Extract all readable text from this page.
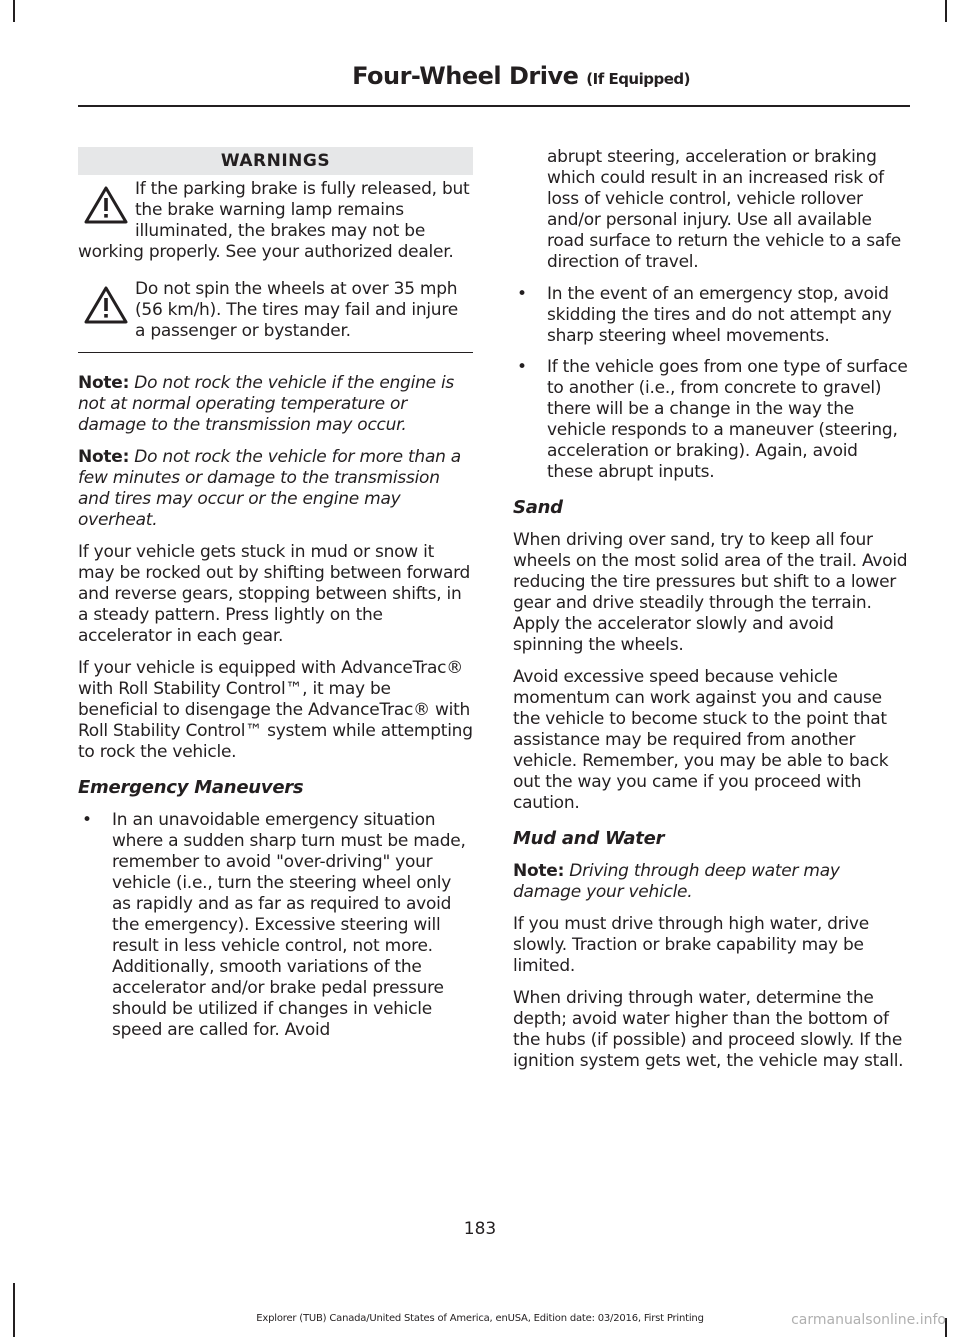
Four-Wheel Drive (If Equipped)
WARNINGS
If the parking brake is fully released, but the brake warning lamp remains illuminated, the brakes may not be
working properly. See your authorized dealer.
Do not spin the wheels at over 35 mph (56 km/h). The tires may fail and injure a passenger or bystander.

Note: Do not rock the vehicle if the engine is not at normal operating temperature or damage to the transmission may occur.

Note: Do not rock the vehicle for more than a few minutes or damage to the transmission and tires may occur or the engine may overheat.

If your vehicle gets stuck in mud or snow it may be rocked out by shifting between forward and reverse gears, stopping between shifts, in a steady pattern. Press lightly on the accelerator in each gear.

If your vehicle is equipped with AdvanceTrac® with Roll Stability Control™, it may be beneficial to disengage the AdvanceTrac® with Roll Stability Control™ system while attempting to rock the vehicle.

Emergency Maneuvers
• In an unavoidable emergency situation where a sudden sharp turn must be made, remember to avoid "over-driving" your vehicle (i.e., turn the steering wheel only as rapidly and as far as required to avoid the emergency). Excessive steering will result in less vehicle control, not more. Additionally, smooth variations of the accelerator and/or brake pedal pressure should be utilized if changes in vehicle speed are called for. Avoid

abrupt steering, acceleration or braking which could result in an increased risk of loss of vehicle control, vehicle rollover and/or personal injury. Use all available road surface to return the vehicle to a safe direction of travel.

• In the event of an emergency stop, avoid skidding the tires and do not attempt any sharp steering wheel movements.
• If the vehicle goes from one type of surface to another (i.e., from concrete to gravel) there will be a change in the way the vehicle responds to a maneuver (steering, acceleration or braking). Again, avoid these abrupt inputs.
Sand

When driving over sand, try to keep all four wheels on the most solid area of the trail. Avoid reducing the tire pressures but shift to a lower gear and drive steadily through the terrain. Apply the accelerator slowly and avoid spinning the wheels.

Avoid excessive speed because vehicle momentum can work against you and cause the vehicle to become stuck to the point that assistance may be required from another vehicle. Remember, you may be able to back out the way you came if you proceed with caution.

Mud and Water

Note: Driving through deep water may damage your vehicle.

If you must drive through high water, drive slowly. Traction or brake capability may be limited.

When driving through water, determine the depth; avoid water higher than the bottom of the hubs (if possible) and proceed slowly. If the ignition system gets wet, the vehicle may stall.

183
Explorer (TUB) Canada/United States of America, enUSA, Edition date: 03/2016, First Printing	carmanualsonline.info
